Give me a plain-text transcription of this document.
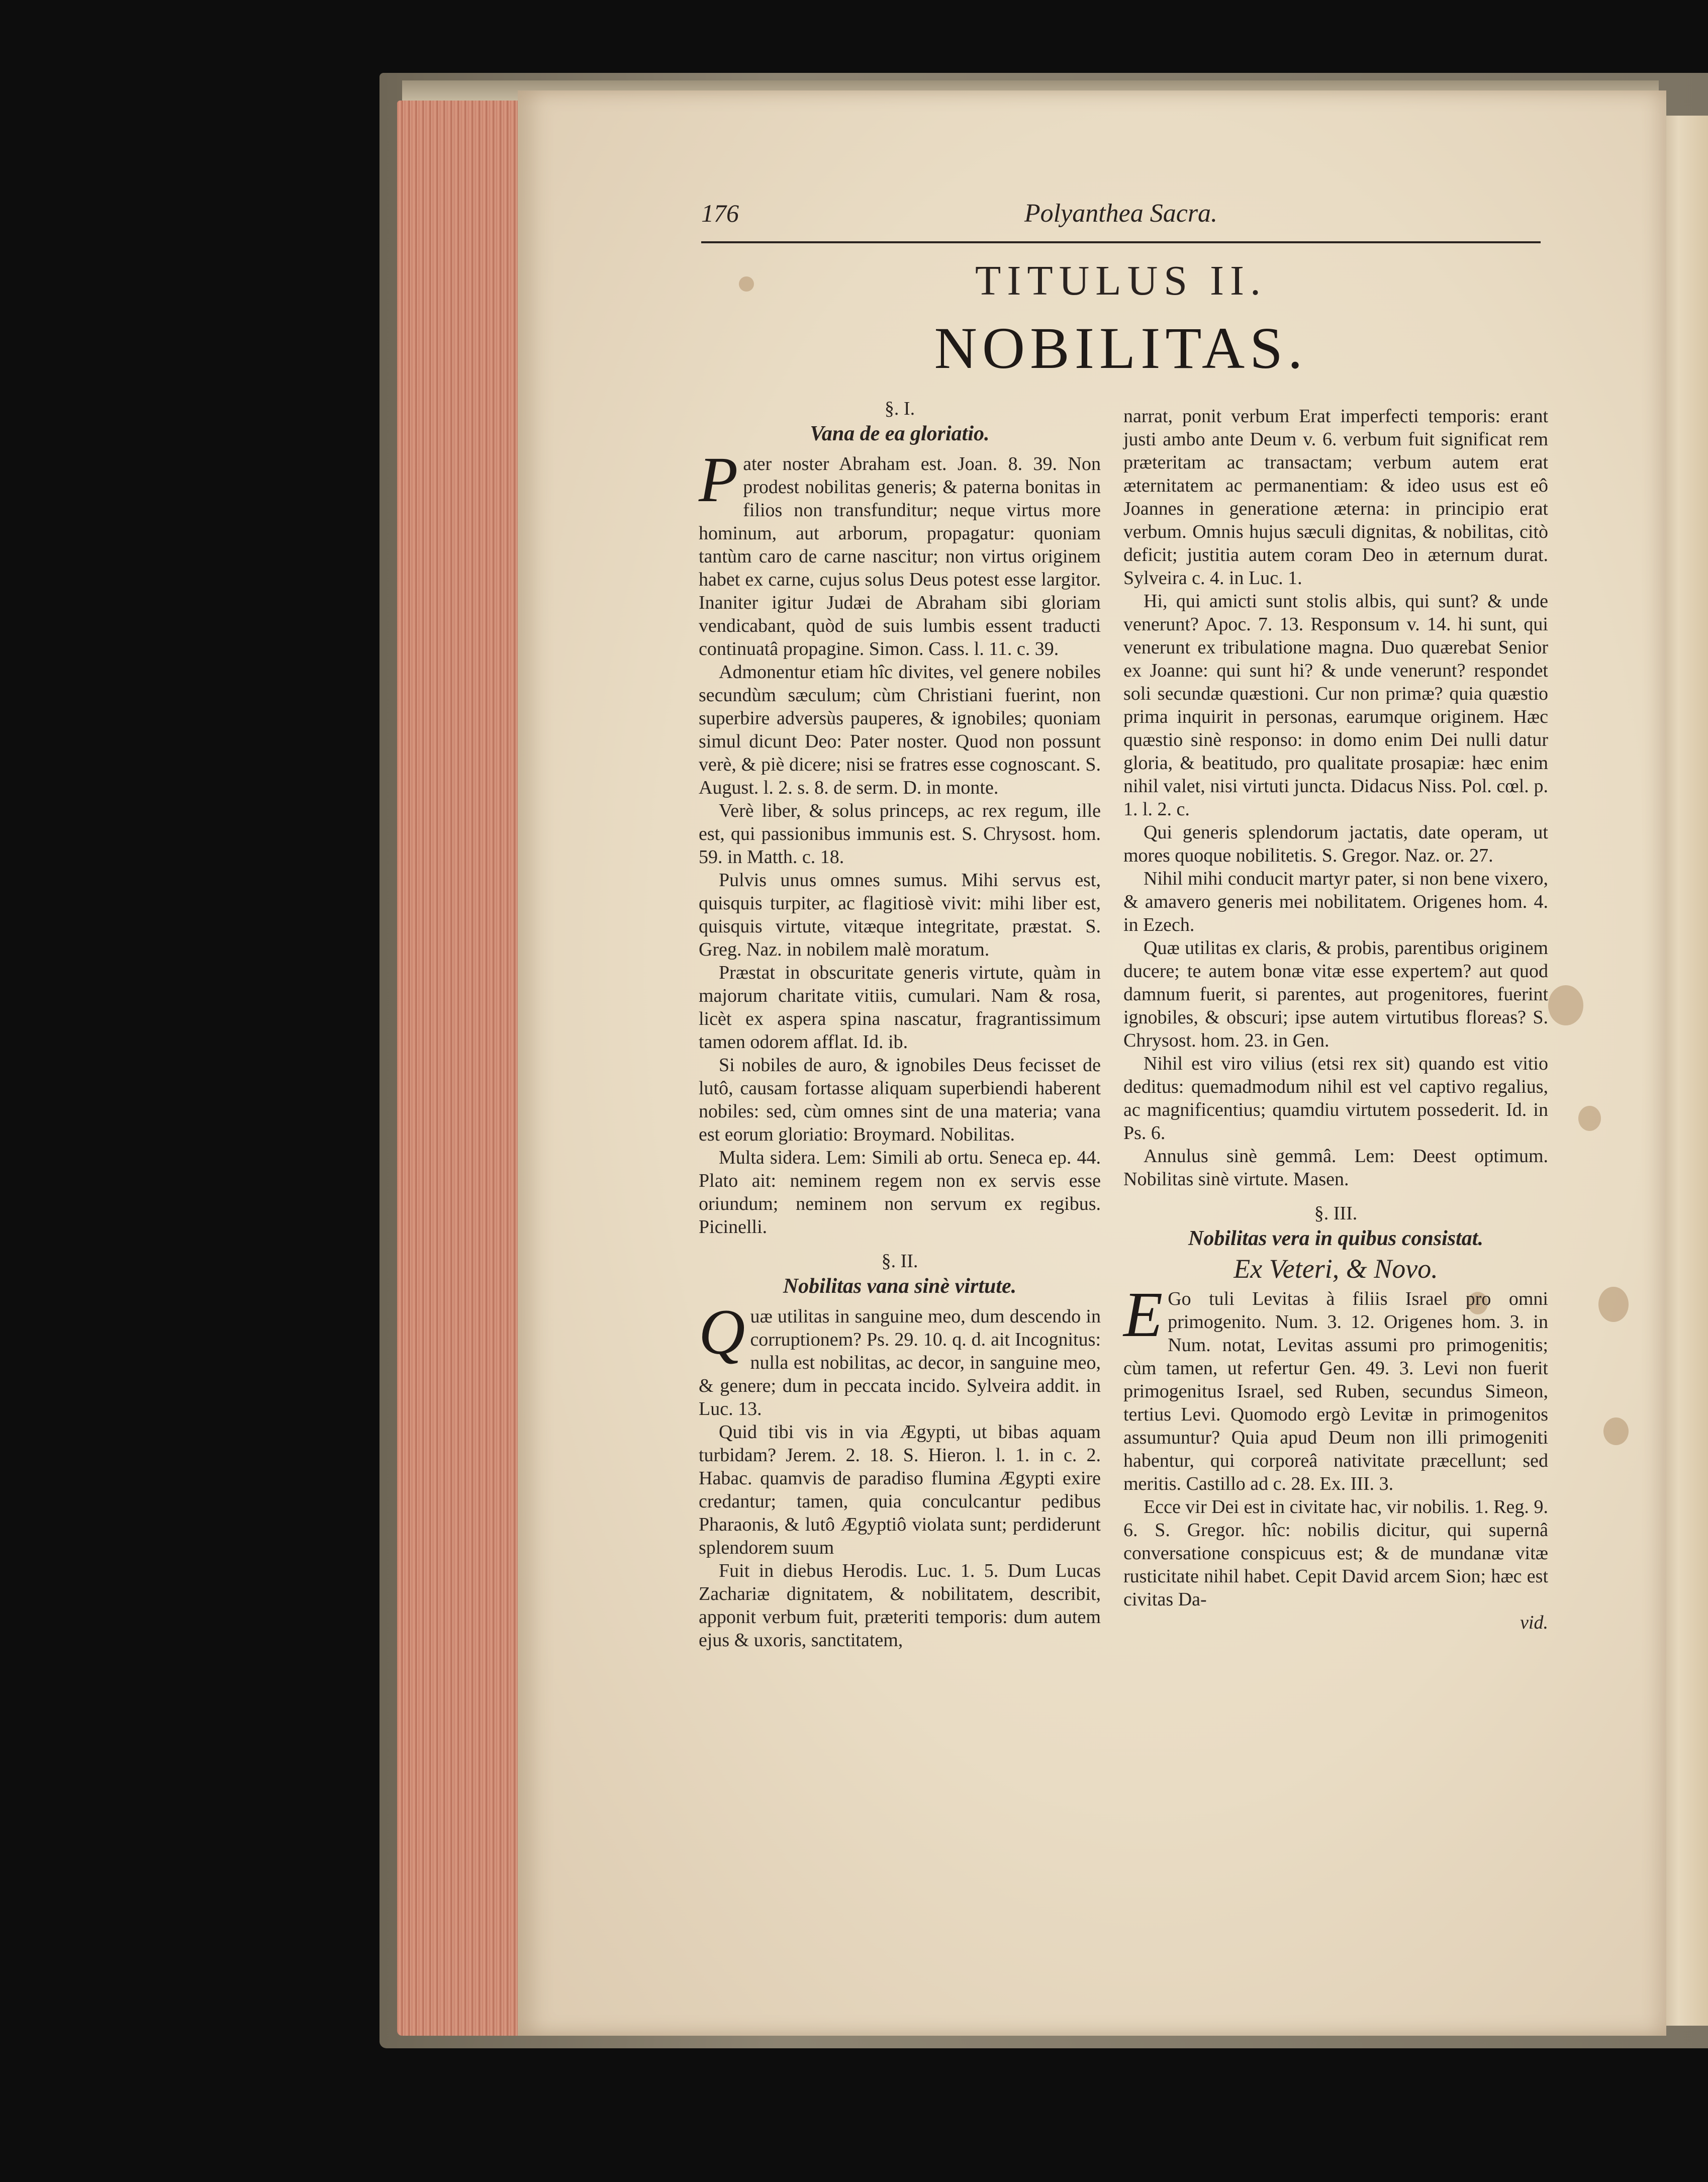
176	Polyanthea Sacra.
TITULUS II.
NOBILITAS.

§. I.

Vana de ea gloriatio.

Pater noster Abraham est. Joan. 8. 39. Non prodest nobilitas generis; & paterna bonitas in filios non transfunditur; neque virtus more hominum, aut arborum, propagatur: quoniam tantùm caro de carne nascitur; non virtus originem habet ex carne, cujus solus Deus potest esse largitor. Inaniter igitur Judæi de Abraham sibi gloriam vendicabant, quòd de suis lumbis essent traducti continuatâ propagine. Simon. Cass. l. 11. c. 39.

Admonentur etiam hîc divites, vel genere nobiles secundùm sæculum; cùm Christiani fuerint, non superbire adversùs pauperes, & ignobiles; quoniam simul dicunt Deo: Pater noster. Quod non possunt verè, & piè dicere; nisi se fratres esse cognoscant. S. August. l. 2. s. 8. de serm. D. in monte.

Verè liber, & solus princeps, ac rex regum, ille est, qui passionibus immunis est. S. Chrysost. hom. 59. in Matth. c. 18.

Pulvis unus omnes sumus. Mihi servus est, quisquis turpiter, ac flagitiosè vivit: mihi liber est, quisquis virtute, vitæque integritate, præstat. S. Greg. Naz. in nobilem malè moratum.

Præstat in obscuritate generis virtute, quàm in majorum charitate vitiis, cumulari. Nam & rosa, licèt ex aspera spina nascatur, fragrantissimum tamen odorem afflat. Id. ib.

Si nobiles de auro, & ignobiles Deus fecisset de lutô, causam fortasse aliquam superbiendi haberent nobiles: sed, cùm omnes sint de una materia; vana est eorum gloriatio: Broymard. Nobilitas.

Multa sidera. Lem: Simili ab ortu. Seneca ep. 44. Plato ait: neminem regem non ex servis esse oriundum; neminem non servum ex regibus. Picinelli.

§. II.

Nobilitas vana sinè virtute.

Quæ utilitas in sanguine meo, dum descendo in corruptionem? Ps. 29. 10. q. d. ait Incognitus: nulla est nobilitas, ac decor, in sanguine meo, & genere; dum in peccata incido. Sylveira addit. in Luc. 13.

Quid tibi vis in via Ægypti, ut bibas aquam turbidam? Jerem. 2. 18. S. Hieron. l. 1. in c. 2. Habac. quamvis de paradiso flumina Ægypti exire credantur; tamen, quia conculcantur pedibus Pharaonis, & lutô Ægyptiô violata sunt; perdiderunt splendorem suum

Fuit in diebus Herodis. Luc. 1. 5. Dum Lucas Zachariæ dignitatem, & nobilitatem, describit, apponit verbum fuit, præteriti temporis: dum autem ejus & uxoris, sanctitatem,

narrat, ponit verbum Erat imperfecti temporis: erant justi ambo ante Deum v. 6. verbum fuit significat rem præteritam ac transactam; verbum autem erat æternitatem ac permanentiam: & ideo usus est eô Joannes in generatione æterna: in principio erat verbum. Omnis hujus sæculi dignitas, & nobilitas, citò deficit; justitia autem coram Deo in æternum durat. Sylveira c. 4. in Luc. 1.

Hi, qui amicti sunt stolis albis, qui sunt? & unde venerunt? Apoc. 7. 13. Responsum v. 14. hi sunt, qui venerunt ex tribulatione magna. Duo quærebat Senior ex Joanne: qui sunt hi? & unde venerunt? respondet soli secundæ quæstioni. Cur non primæ? quia quæstio prima inquirit in personas, earumque originem. Hæc quæstio sinè responso: in domo enim Dei nulli datur gloria, & beatitudo, pro qualitate prosapiæ: hæc enim nihil valet, nisi virtuti juncta. Didacus Niss. Pol. cœl. p. 1. l. 2. c.

Qui generis splendorum jactatis, date operam, ut mores quoque nobilitetis. S. Gregor. Naz. or. 27.

Nihil mihi conducit martyr pater, si non bene vixero, & amavero generis mei nobilitatem. Origenes hom. 4. in Ezech.

Quæ utilitas ex claris, & probis, parentibus originem ducere; te autem bonæ vitæ esse expertem? aut quod damnum fuerit, si parentes, aut progenitores, fuerint ignobiles, & obscuri; ipse autem virtutibus floreas? S. Chrysost. hom. 23. in Gen.

Nihil est viro vilius (etsi rex sit) quando est vitio deditus: quemadmodum nihil est vel captivo regalius, ac magnificentius; quamdiu virtutem possederit. Id. in Ps. 6.

Annulus sinè gemmâ. Lem: Deest optimum. Nobilitas sinè virtute. Masen.

§. III.

Nobilitas vera in quibus consistat.

Ex Veteri, & Novo.

E Go tuli Levitas à filiis Israel pro omni primogenito. Num. 3. 12. Origenes hom. 3. in Num. notat, Levitas assumi pro primogenitis; cùm tamen, ut refertur Gen. 49. 3. Levi non fuerit primogenitus Israel, sed Ruben, secundus Simeon, tertius Levi. Quomodo ergò Levitæ in primogenitos assumuntur? Quia apud Deum non illi primogeniti habentur, qui corporeâ nativitate præcellunt; sed meritis. Castillo ad c. 28. Ex. III. 3.

Ecce vir Dei est in civitate hac, vir nobilis. 1. Reg. 9. 6. S. Gregor. hîc: nobilis dicitur, qui supernâ conversatione conspicuus est; & de mundanæ vitæ rusticitate nihil habet. Cepit David arcem Sion; hæc est civitas Da-

vid.
